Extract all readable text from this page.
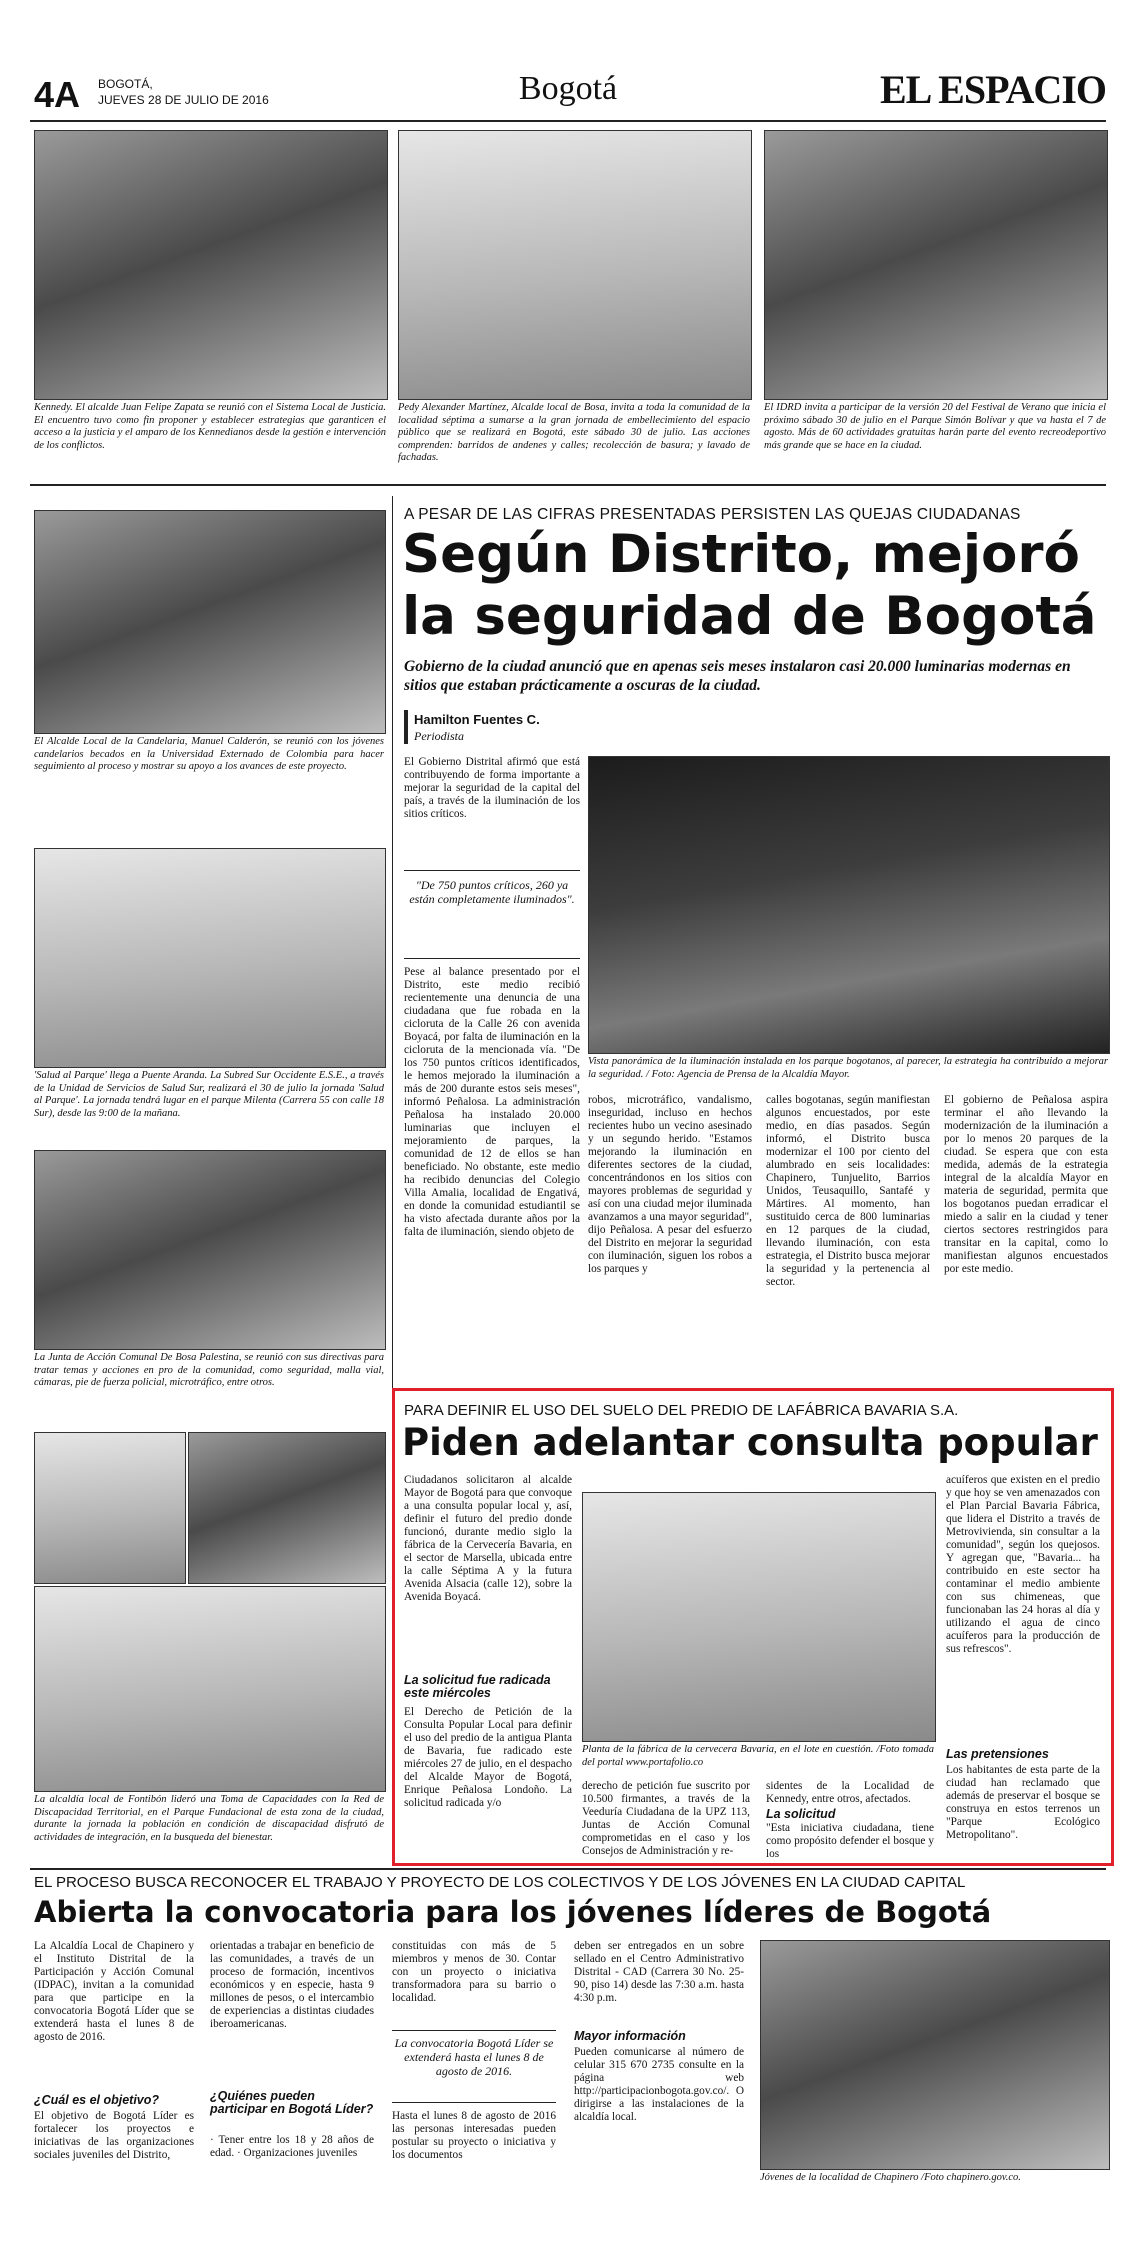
4A BOGOTÁ,
JUEVES 28 DE JULIO DE 2016	Bogotá	EL ESPACIO
Kennedy. El alcalde Juan Felipe Zapata se reunió con el Sistema Local de Justicia. El encuentro tuvo como fin proponer y establecer estrategias que garanticen el acceso a la justicia y el amparo de los Kennedianos desde la gestión e intervención de los conflictos.
Pedy Alexander Martínez, Alcalde local de Bosa, invita a toda la comunidad de la localidad séptima a sumarse a la gran jornada de embellecimiento del espacio público que se realizará en Bogotá, este sábado 30 de julio. Las acciones comprenden: barridos de andenes y calles; recolección de basura; y lavado de fachadas.
El IDRD invita a participar de la versión 20 del Festival de Verano que inicia el próximo sábado 30 de julio en el Parque Simón Bolívar y que va hasta el 7 de agosto. Más de 60 actividades gratuitas harán parte del evento recreodeportivo más grande que se hace en la ciudad.
El Alcalde Local de la Candelaria, Manuel Calderón, se reunió con los jóvenes candelarios becados en la Universidad Externado de Colombia para hacer seguimiento al proceso y mostrar su apoyo a los avances de este proyecto.
'Salud al Parque' llega a Puente Aranda. La Subred Sur Occidente E.S.E., a través de la Unidad de Servicios de Salud Sur, realizará el 30 de julio la jornada 'Salud al Parque'. La jornada tendrá lugar en el parque Milenta (Carrera 55 con calle 18 Sur), desde las 9:00 de la mañana.
La Junta de Acción Comunal De Bosa Palestina, se reunió con sus directivas para tratar temas y acciones en pro de la comunidad, como seguridad, malla vial, cámaras, pie de fuerza policial, microtráfico, entre otros.
La alcaldía local de Fontibón lideró una Toma de Capacidades con la Red de Discapacidad Territorial, en el Parque Fundacional de esta zona de la ciudad, durante la jornada la población en condición de discapacidad disfrutó de actividades de integración, en la busqueda del bienestar.
A PESAR DE LAS CIFRAS PRESENTADAS PERSISTEN LAS QUEJAS CIUDADANAS
Según Distrito, mejoró
la seguridad de Bogotá
Gobierno de la ciudad anunció que en apenas seis meses instalaron casi 20.000 luminarias modernas en sitios que estaban prácticamente a oscuras de la ciudad.
Hamilton Fuentes C.
Periodista
El Gobierno Distrital afirmó que está contribuyendo de forma importante a mejorar la seguridad de la capital del país, a través de la iluminación de los sitios críticos.
"De 750 puntos críticos, 260 ya están completamente iluminados".
Pese al balance presentado por el Distrito, este medio recibió recientemente una denuncia de una ciudadana que fue robada en la cicloruta de la Calle 26 con avenida Boyacá, por falta de iluminación en la cicloruta de la mencionada vía. "De los 750 puntos críticos identificados, le hemos mejorado la iluminación a más de 200 durante estos seis meses", informó Peñalosa. La administración Peñalosa ha instalado 20.000 luminarias que incluyen el mejoramiento de parques, la comunidad de 12 de ellos se han beneficiado. No obstante, este medio ha recibido denuncias del Colegio Villa Amalia, localidad de Engativá, en donde la comunidad estudiantil se ha visto afectada durante años por la falta de iluminación, siendo objeto de
Vista panorámica de la iluminación instalada en los parque bogotanos, al parecer, la estrategia ha contribuido a mejorar la seguridad. / Foto: Agencia de Prensa de la Alcaldía Mayor.
robos, microtráfico, vandalismo, inseguridad, incluso en hechos recientes hubo un vecino asesinado y un segundo herido. "Estamos mejorando la iluminación en diferentes sectores de la ciudad, concentrándonos en los sitios con mayores problemas de seguridad y así con una ciudad mejor iluminada avanzamos a una mayor seguridad", dijo Peñalosa. A pesar del esfuerzo del Distrito en mejorar la seguridad con iluminación, siguen los robos a los parques y
calles bogotanas, según manifiestan algunos encuestados, por este medio, en días pasados. Según informó, el Distrito busca modernizar el 100 por ciento del alumbrado en seis localidades: Chapinero, Tunjuelito, Barrios Unidos, Teusaquillo, Santafé y Mártires. Al momento, han sustituido cerca de 800 luminarias en 12 parques de la ciudad, llevando iluminación, con esta estrategia, el Distrito busca mejorar la seguridad y la pertenencia al sector.
El gobierno de Peñalosa aspira terminar el año llevando la modernización de la iluminación a por lo menos 20 parques de la ciudad. Se espera que con esta medida, además de la estrategia integral de la alcaldía Mayor en materia de seguridad, permita que los bogotanos puedan erradicar el miedo a salir en la ciudad y tener ciertos sectores restringidos para transitar en la capital, como lo manifiestan algunos encuestados por este medio.
PARA DEFINIR EL USO DEL SUELO DEL PREDIO DE LAFÁBRICA BAVARIA S.A.
Piden adelantar consulta popular
Ciudadanos solicitaron al alcalde Mayor de Bogotá para que convoque a una consulta popular local y, así, definir el futuro del predio donde funcionó, durante medio siglo la fábrica de la Cervecería Bavaria, en el sector de Marsella, ubicada entre la calle Séptima A y la futura Avenida Alsacia (calle 12), sobre la Avenida Boyacá.
La solicitud fue radicada este miércoles
El Derecho de Petición de la Consulta Popular Local para definir el uso del predio de la antigua Planta de Bavaria, fue radicado este miércoles 27 de julio, en el despacho del Alcalde Mayor de Bogotá, Enrique Peñalosa Londoño. La solicitud radicada y/o
Planta de la fábrica de la cervecera Bavaria, en el lote en cuestión. /Foto tomada del portal www.portafolio.co
derecho de petición fue suscrito por 10.500 firmantes, a través de la Veeduría Ciudadana de la UPZ 113, Juntas de Acción Comunal comprometidas en el caso y los Consejos de Administración y re-
sidentes de la Localidad de Kennedy, entre otros, afectados.
La solicitud
"Esta iniciativa ciudadana, tiene como propósito defender el bosque y los
acuíferos que existen en el predio y que hoy se ven amenazados con el Plan Parcial Bavaria Fábrica, que lidera el Distrito a través de Metrovivienda, sin consultar a la comunidad", según los quejosos. Y agregan que, "Bavaria... ha contribuido en este sector ha contaminar el medio ambiente con sus chimeneas, que funcionaban las 24 horas al día y utilizando el agua de cinco acuíferos para la producción de sus refrescos".
Las pretensiones
Los habitantes de esta parte de la ciudad han reclamado que además de preservar el bosque se construya en estos terrenos un "Parque Ecológico Metropolitano".
EL PROCESO BUSCA RECONOCER EL TRABAJO Y PROYECTO DE LOS COLECTIVOS Y DE LOS JÓVENES EN LA CIUDAD CAPITAL
Abierta la convocatoria para los jóvenes líderes de Bogotá
La Alcaldía Local de Chapinero y el Instituto Distrital de la Participación y Acción Comunal (IDPAC), invitan a la comunidad para que participe en la convocatoria Bogotá Líder que se extenderá hasta el lunes 8 de agosto de 2016.
¿Cuál es el objetivo?
El objetivo de Bogotá Líder es fortalecer los proyectos e iniciativas de las organizaciones sociales juveniles del Distrito,
orientadas a trabajar en beneficio de las comunidades, a través de un proceso de formación, incentivos económicos y en especie, hasta 9 millones de pesos, o el intercambio de experiencias a distintas ciudades iberoamericanas.
¿Quiénes pueden participar en Bogotá Líder?
· Tener entre los 18 y 28 años de edad. · Organizaciones juveniles
constituidas con más de 5 miembros y menos de 30. Contar con un proyecto o iniciativa transformadora para su barrio o localidad.
La convocatoria Bogotá Líder se extenderá hasta el lunes 8 de agosto de 2016.
Hasta el lunes 8 de agosto de 2016 las personas interesadas pueden postular su proyecto o iniciativa y los documentos
deben ser entregados en un sobre sellado en el Centro Administrativo Distrital - CAD (Carrera 30 No. 25-90, piso 14) desde las 7:30 a.m. hasta 4:30 p.m.
Mayor información
Pueden comunicarse al número de celular 315 670 2735 consulte en la página web http://participacionbogota.gov.co/. O dirigirse a las instalaciones de la alcaldía local.
Jóvenes de la localidad de Chapinero /Foto chapinero.gov.co.
